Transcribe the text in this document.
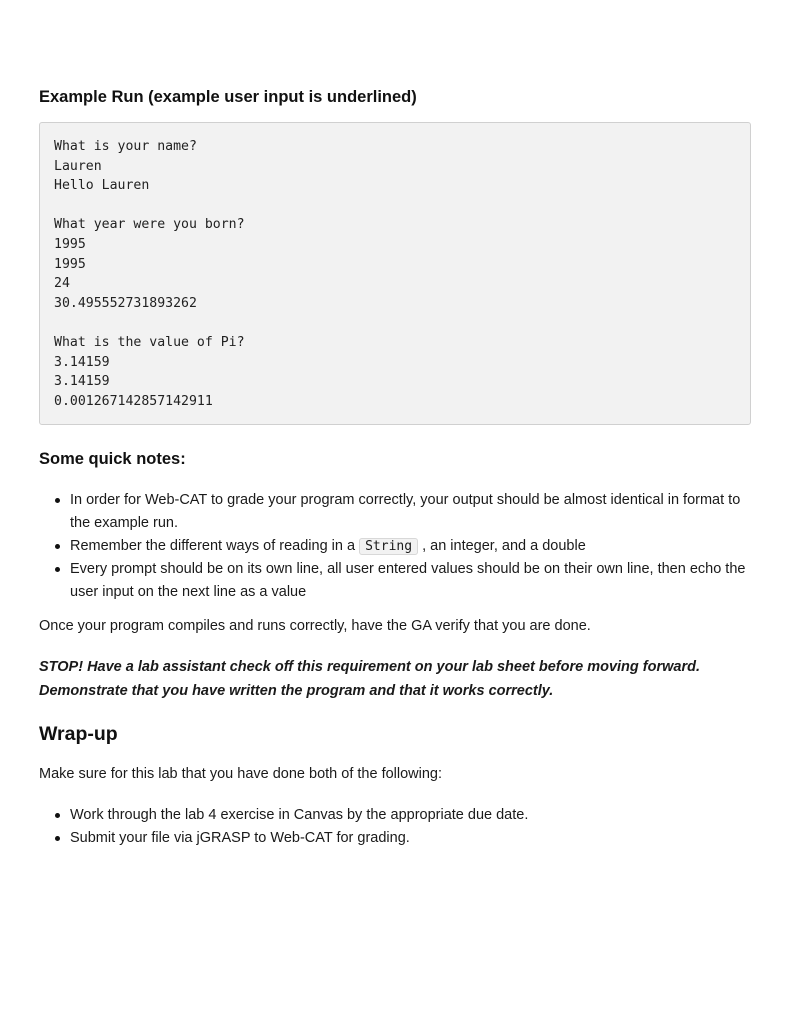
Example Run (example user input is underlined)
What is your name?
Lauren
Hello Lauren

What year were you born?
1995
1995
24
30.495552731893262

What is the value of Pi?
3.14159
3.14159
0.001267142857142911
Some quick notes:
In order for Web-CAT to grade your program correctly, your output should be almost identical in format to the example run.
Remember the different ways of reading in a String , an integer, and a double
Every prompt should be on its own line, all user entered values should be on their own line, then echo the user input on the next line as a value

Once your program compiles and runs correctly, have the GA verify that you are done.

STOP! Have a lab assistant check off this requirement on your lab sheet before moving forward. Demonstrate that you have written the program and that it works correctly.

Wrap-up

Make sure for this lab that you have done both of the following:

Work through the lab 4 exercise in Canvas by the appropriate due date.
Submit your file via jGRASP to Web-CAT for grading.
